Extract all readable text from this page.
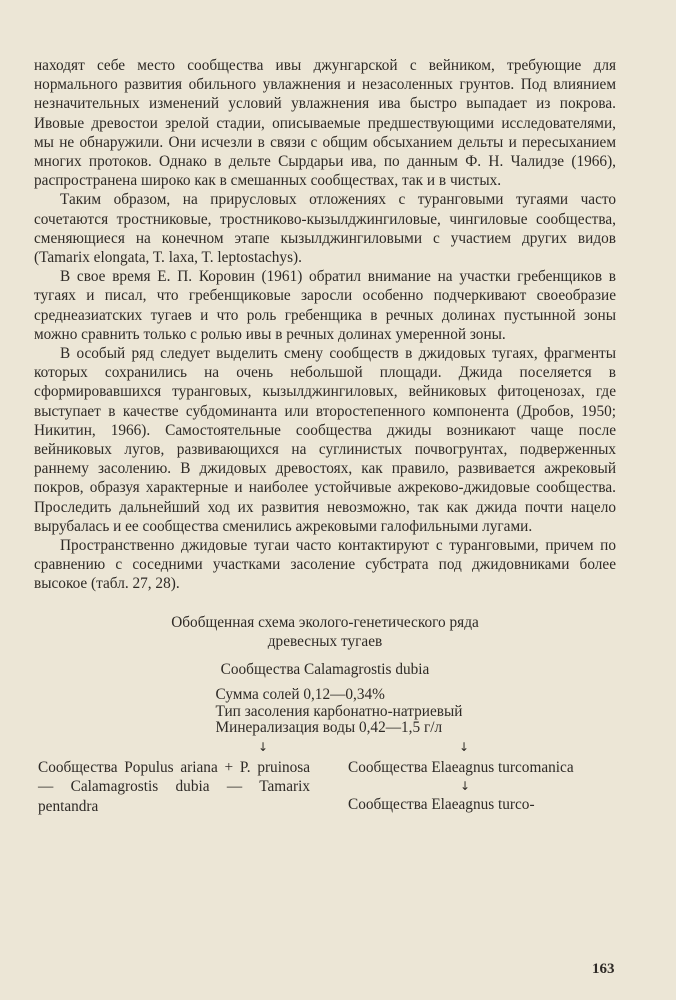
находят себе место сообщества ивы джунгарской с вейником, требующие для нормального развития обильного увлажнения и незасоленных грунтов. Под влиянием незначительных изменений условий увлажнения ива быстро выпадает из покрова. Ивовые древостои зрелой стадии, описываемые предшествующими исследователями, мы не обнаружили. Они исчезли в связи с общим обсыханием дельты и пересыханием многих протоков. Однако в дельте Сырдарьи ива, по данным Ф. Н. Чалидзе (1966), распространена широко как в смешанных сообществах, так и в чистых.

Таким образом, на прирусловых отложениях с туранговыми тугаями часто сочетаются тростниковые, тростниково-кызылджингиловые, чингиловые сообщества, сменяющиеся на конечном этапе кызылджингиловыми с участием других видов (Tamarix elongata, T. laxa, T. leptostachys).

В свое время Е. П. Коровин (1961) обратил внимание на участки гребенщиков в тугаях и писал, что гребенщиковые заросли особенно подчеркивают своеобразие среднеазиатских тугаев и что роль гребенщика в речных долинах пустынной зоны можно сравнить только с ролью ивы в речных долинах умеренной зоны.

В особый ряд следует выделить смену сообществ в джидовых тугаях, фрагменты которых сохранились на очень небольшой площади. Джида поселяется в сформировавшихся туранговых, кызылджингиловых, вейниковых фитоценозах, где выступает в качестве субдоминанта или второстепенного компонента (Дробов, 1950; Никитин, 1966). Самостоятельные сообщества джиды возникают чаще после вейниковых лугов, развивающихся на суглинистых почвогрунтах, подверженных раннему засолению. В джидовых древостоях, как правило, развивается ажрековый покров, образуя характерные и наиболее устойчивые ажреково-джидовые сообщества. Проследить дальнейший ход их развития невозможно, так как джида почти нацело вырубалась и ее сообщества сменились ажрековыми галофильными лугами.

Пространственно джидовые тугаи часто контактируют с туранговыми, причем по сравнению с соседними участками засоление субстрата под джидовниками более высокое (табл. 27, 28).

Обобщенная схема эколого-генетического ряда
древесных тугаев
Сообщества Calamagrostis dubia
Сумма солей 0,12—0,34%
Тип засоления карбонатно-натриевый
Минерализация воды 0,42—1,5 г/л
↓	↓

Сообщества Populus ariana + P. pruinosa — Calamagrostis dubia — Tamarix pentandra

Сообщества Elaeagnus turcomanica

↓

Сообщества Elaeagnus turco-

163
